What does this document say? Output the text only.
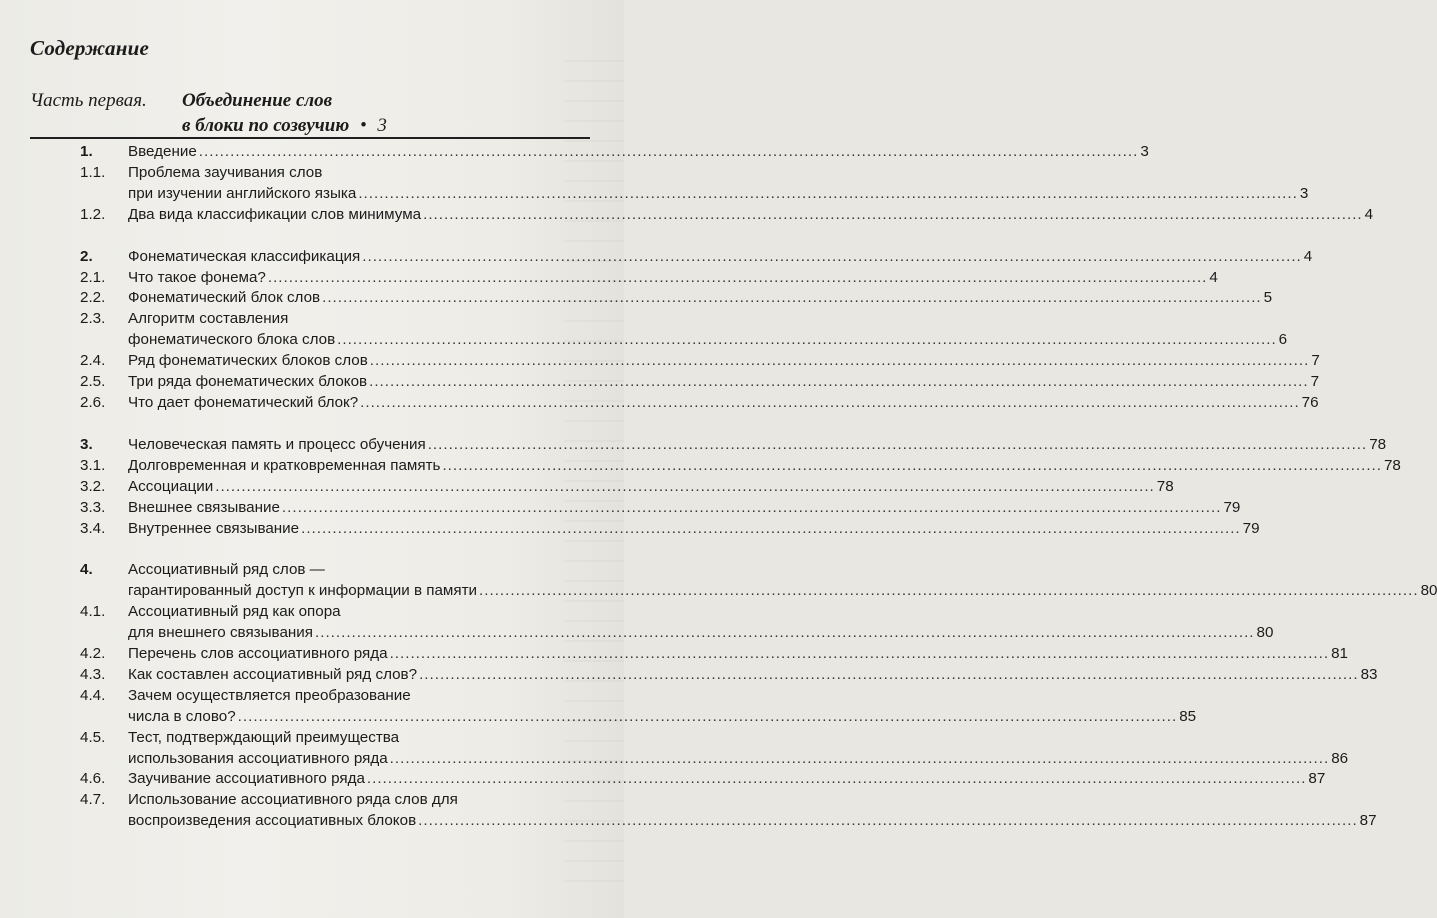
Содержание
Часть первая. Объединение слов
в блоки по созвучию • 3
1.	Введение .....	3
1.1.	Проблема заучивания слов
при изучении английского языка .....	3
1.2.	Два вида классификации слов минимума .....	4
2.	Фонематическая классификация .....	4
2.1.	Что такое фонема? .....	4
2.2.	Фонематический блок слов .....	5
2.3.	Алгоритм составления
фонематического блока слов .....	6
2.4.	Ряд фонематических блоков слов .....	7
2.5.	Три ряда фонематических блоков .....	7
2.6.	Что дает фонематический блок? .....	76
3.	Человеческая память и процесс обучения .....	78
3.1.	Долговременная и кратковременная память .....	78
3.2.	Ассоциации .....	78
3.3.	Внешнее связывание .....	79
3.4.	Внутреннее связывание .....	79
4.	Ассоциативный ряд слов —
гарантированный доступ к информации в памяти .....	80
4.1.	Ассоциативный ряд как опора
для внешнего связывания .....	80
4.2.	Перечень слов ассоциативного ряда .....	81
4.3.	Как составлен ассоциативный ряд слов? .....	83
4.4.	Зачем осуществляется преобразование
числа в слово? .....	85
4.5.	Тест, подтверждающий преимущества
использования ассоциативного ряда .....	86
4.6.	Заучивание ассоциативного ряда .....	87
4.7.	Использование ассоциативного ряда слов для
воспроизведения ассоциативных блоков .....	87
